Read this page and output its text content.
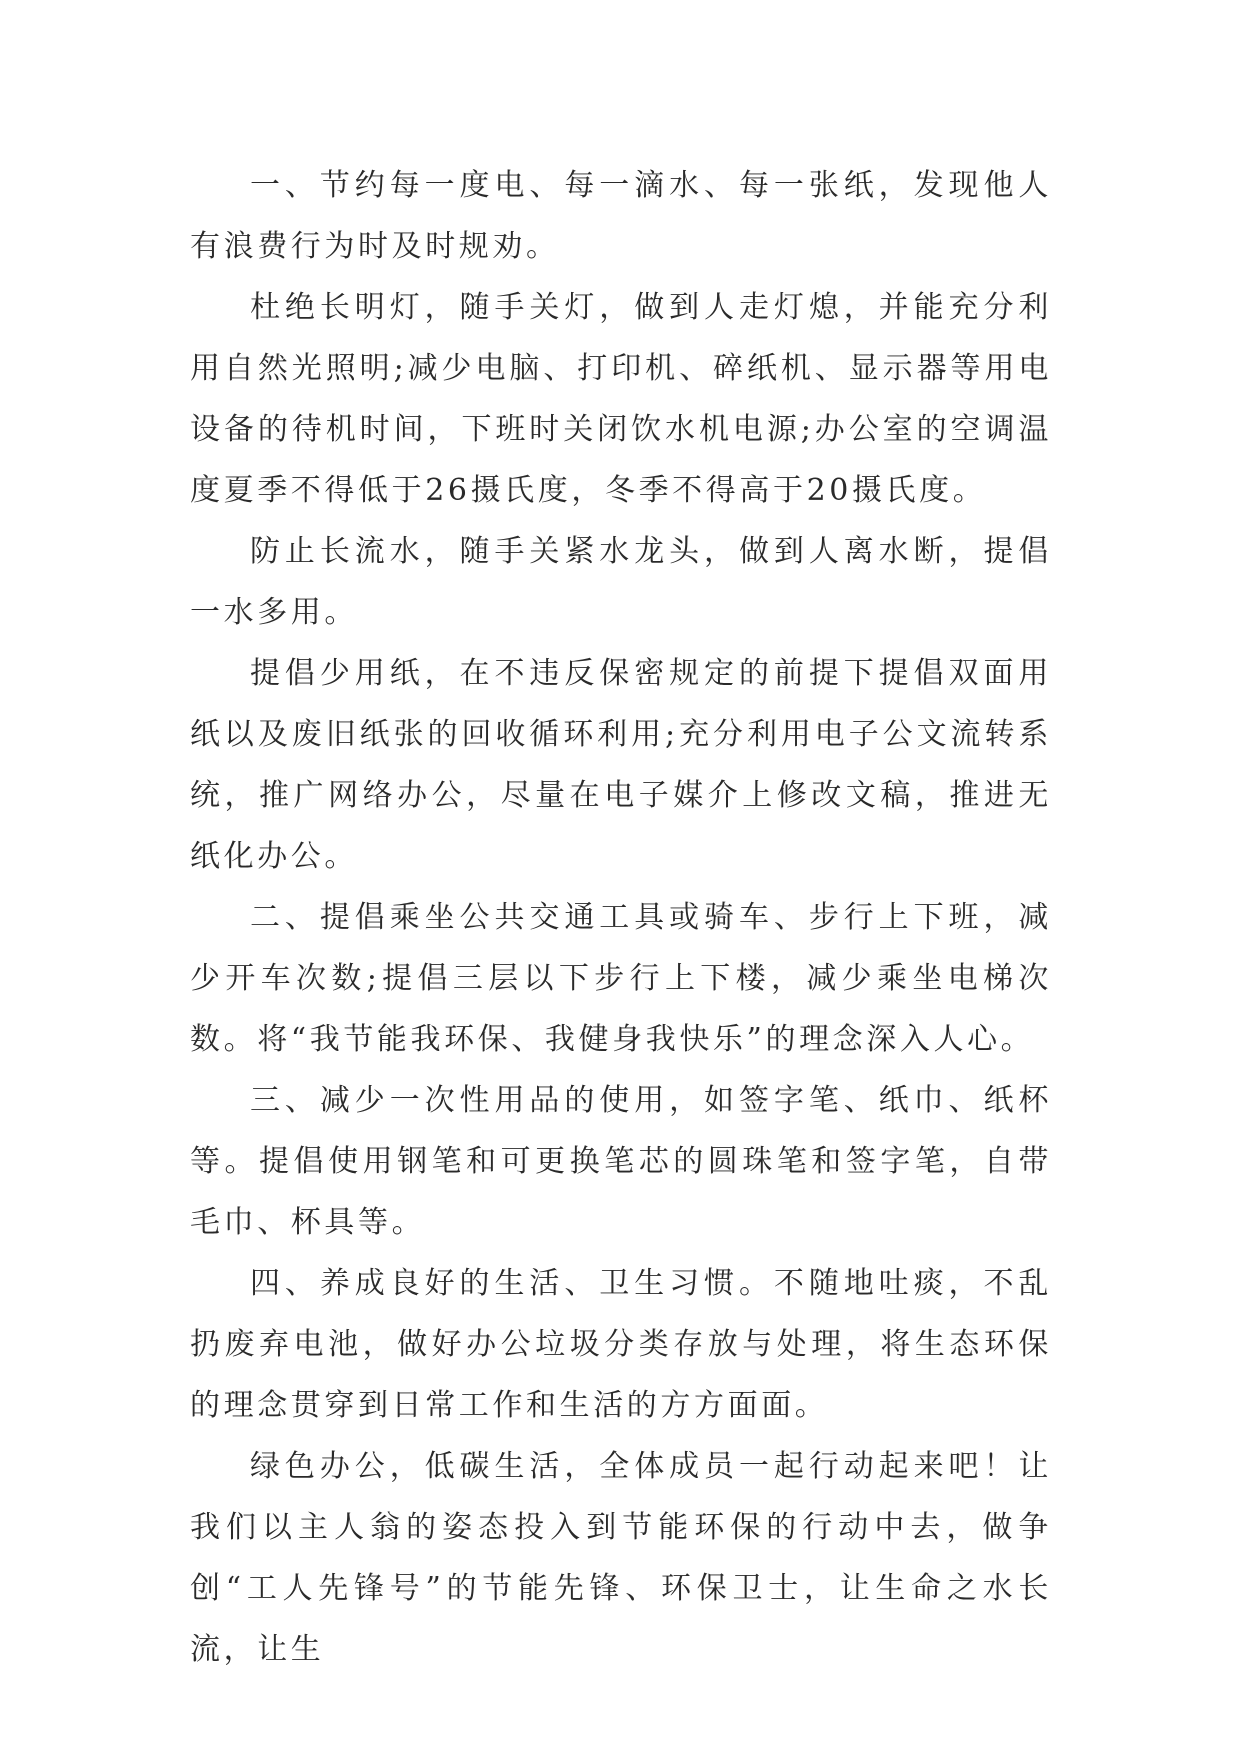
一、节约每一度电、每一滴水、每一张纸，发现他人有浪费行为时及时规劝。

杜绝长明灯，随手关灯，做到人走灯熄，并能充分利用自然光照明;减少电脑、打印机、碎纸机、显示器等用电设备的待机时间，下班时关闭饮水机电源;办公室的空调温度夏季不得低于26摄氏度，冬季不得高于20摄氏度。

防止长流水，随手关紧水龙头，做到人离水断，提倡一水多用。

提倡少用纸，在不违反保密规定的前提下提倡双面用纸以及废旧纸张的回收循环利用;充分利用电子公文流转系统，推广网络办公，尽量在电子媒介上修改文稿，推进无纸化办公。

二、提倡乘坐公共交通工具或骑车、步行上下班，减少开车次数;提倡三层以下步行上下楼，减少乘坐电梯次数。将“我节能我环保、我健身我快乐”的理念深入人心。

三、减少一次性用品的使用，如签字笔、纸巾、纸杯等。提倡使用钢笔和可更换笔芯的圆珠笔和签字笔，自带毛巾、杯具等。

四、养成良好的生活、卫生习惯。不随地吐痰，不乱扔废弃电池，做好办公垃圾分类存放与处理，将生态环保的理念贯穿到日常工作和生活的方方面面。

绿色办公，低碳生活，全体成员一起行动起来吧！让我们以主人翁的姿态投入到节能环保的行动中去，做争创“工人先锋号”的节能先锋、环保卫士，让生命之水长流，让生
